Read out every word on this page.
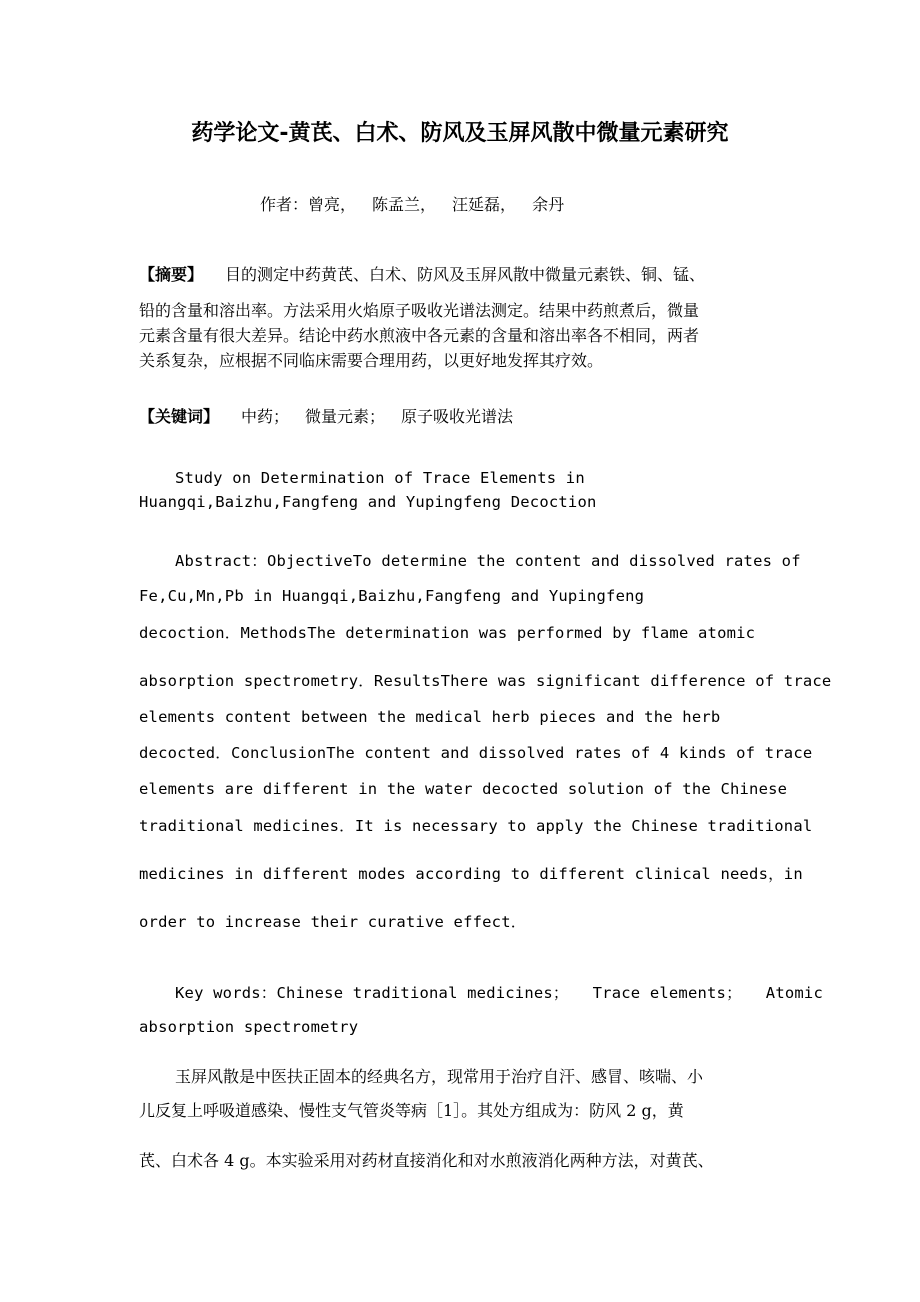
药学论文-黄芪、白术、防风及玉屏风散中微量元素研究
作者：曾亮， 陈孟兰， 汪延磊， 余丹
【摘要】 目的测定中药黄芪、白术、防风及玉屏风散中微量元素铁、铜、锰、
铅的含量和溶出率。方法采用火焰原子吸收光谱法测定。结果中药煎煮后，微量
元素含量有很大差异。结论中药水煎液中各元素的含量和溶出率各不相同，两者
关系复杂，应根据不同临床需要合理用药，以更好地发挥其疗效。
【关键词】 中药； 微量元素； 原子吸收光谱法
Study on Determination of Trace Elements in
Huangqi,Baizhu,Fangfeng and Yupingfeng Decoction
Abstract：ObjectiveTo determine the content and dissolved rates of
Fe,Cu,Mn,Pb in Huangqi,Baizhu,Fangfeng and Yupingfeng
decoction．MethodsThe determination was performed by flame atomic
absorption spectrometry．ResultsThere was significant difference of trace
elements content between the medical herb pieces and the herb
decocted．ConclusionThe content and dissolved rates of 4 kinds of trace
elements are different in the water decocted solution of the Chinese
traditional medicines．It is necessary to apply the Chinese traditional
medicines in different modes according to different clinical needs，in
order to increase their curative effect．
Key words：Chinese traditional medicines； Trace elements； Atomic
absorption spectrometry
玉屏风散是中医扶正固本的经典名方，现常用于治疗自汗、感冒、咳喘、小
儿反复上呼吸道感染、慢性支气管炎等病［1］。其处方组成为：防风 2 g，黄
芪、白术各 4 g。本实验采用对药材直接消化和对水煎液消化两种方法，对黄芪、
